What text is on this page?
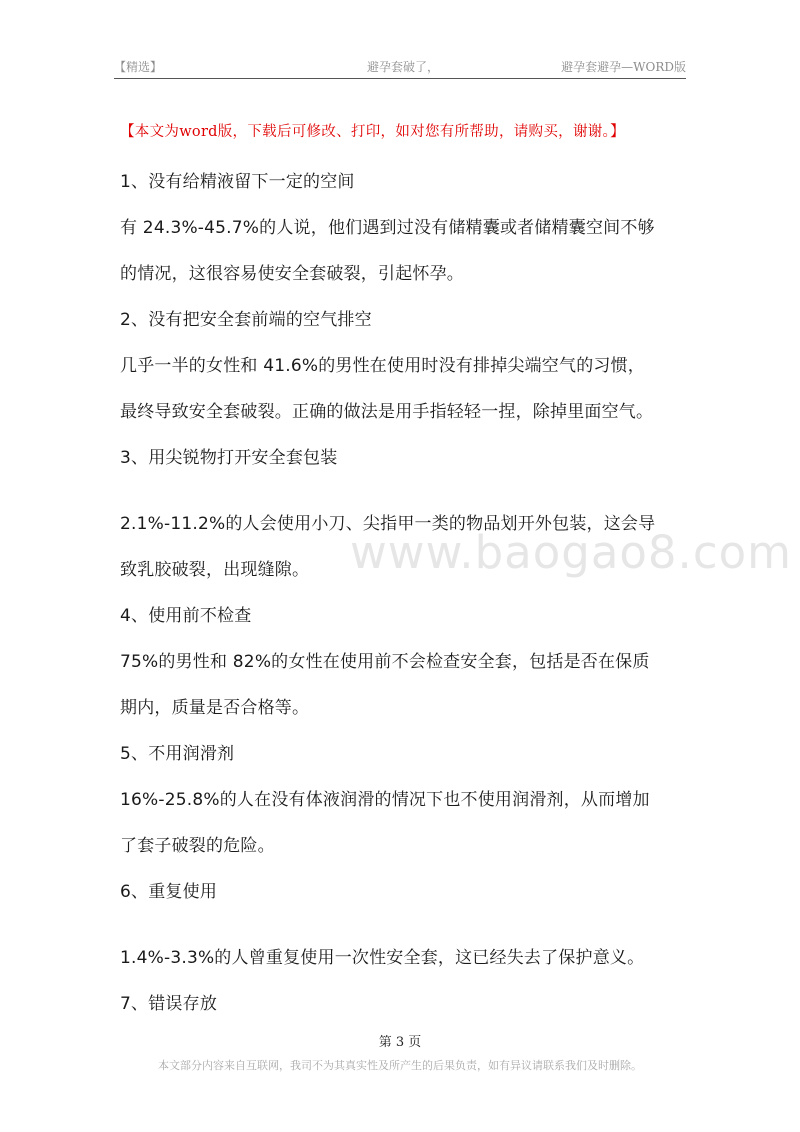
【精选】	避孕套破了，	避孕套避孕—WORD版
【本文为word版，下载后可修改、打印，如对您有所帮助，请购买，谢谢。】
www.baogao8.com
1、没有给精液留下一定的空间
有 24.3%-45.7%的人说，他们遇到过没有储精囊或者储精囊空间不够
的情况，这很容易使安全套破裂，引起怀孕。
2、没有把安全套前端的空气排空
几乎一半的女性和 41.6%的男性在使用时没有排掉尖端空气的习惯，
最终导致安全套破裂。正确的做法是用手指轻轻一捏，除掉里面空气。
3、用尖锐物打开安全套包装
2.1%-11.2%的人会使用小刀、尖指甲一类的物品划开外包装，这会导
致乳胶破裂，出现缝隙。
4、使用前不检查
75%的男性和 82%的女性在使用前不会检查安全套，包括是否在保质
期内，质量是否合格等。
5、不用润滑剂
16%-25.8%的人在没有体液润滑的情况下也不使用润滑剂，从而增加
了套子破裂的危险。
6、重复使用
1.4%-3.3%的人曾重复使用一次性安全套，这已经失去了保护意义。
7、错误存放
第 3 页
本文部分内容来自互联网，我司不为其真实性及所产生的后果负责，如有异议请联系我们及时删除。
